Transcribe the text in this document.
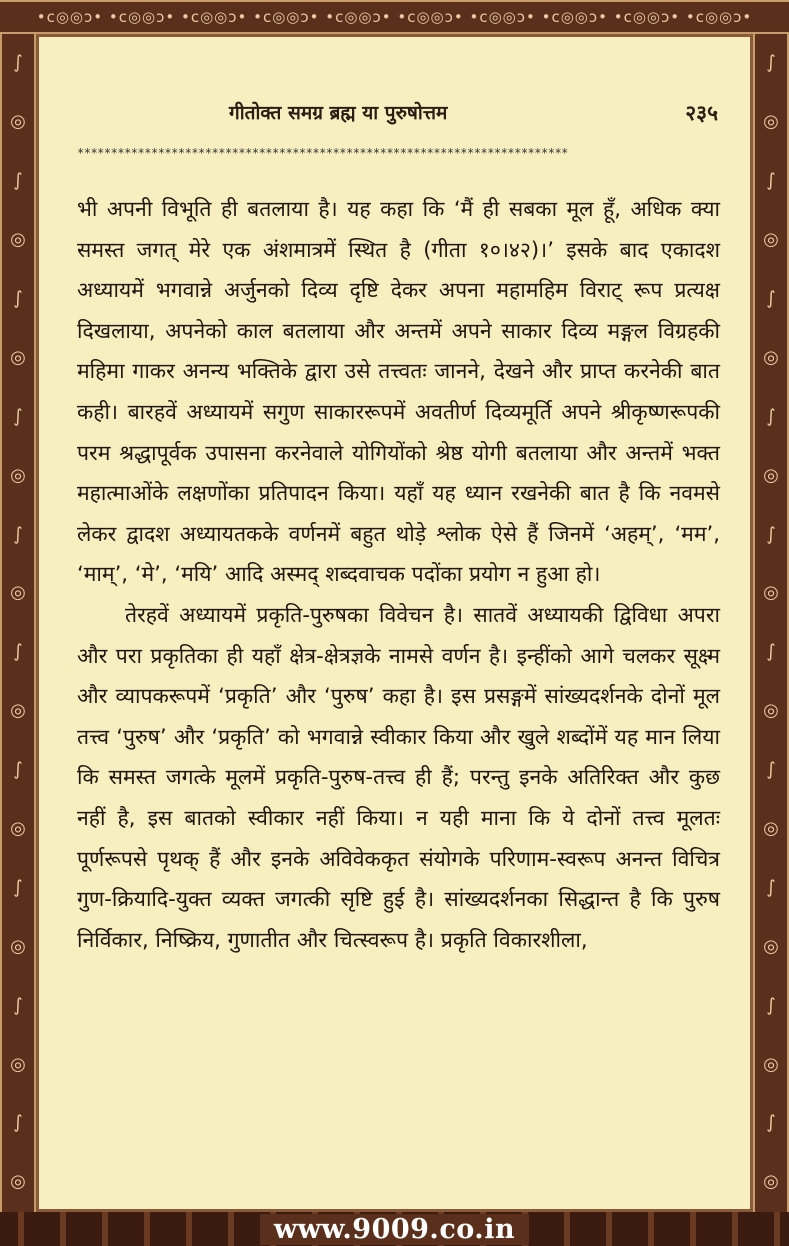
•c◎◎ɔ• •c◎◎ɔ• •c◎◎ɔ• •c◎◎ɔ• •c◎◎ɔ• •c◎◎ɔ• •c◎◎ɔ• •c◎◎ɔ• •c◎◎ɔ• •c◎◎ɔ•
∫
◎
∫
◎
∫
◎
∫
◎
∫
◎
∫
◎
∫
◎
∫
◎
∫
◎
∫
◎
∫
◎
∫
◎
∫
◎
∫
◎
∫
◎
∫
◎
∫
◎
∫
◎
∫
◎
∫
◎
गीतोक्त समग्र ब्रह्म या पुरुषोत्तम	२३५
*************************************************************************

भी अपनी विभूति ही बतलाया है। यह कहा कि ‘मैं ही सबका मूल हूँ, अधिक क्या समस्त जगत् मेरे एक अंशमात्रमें स्थित है (गीता १०।४२)।’ इसके बाद एकादश अध्यायमें भगवान्ने अर्जुनको दिव्य दृष्टि देकर अपना महामहिम विराट् रूप प्रत्यक्ष दिखलाया, अपनेको काल बतलाया और अन्तमें अपने साकार दिव्य मङ्गल विग्रहकी महिमा गाकर अनन्य भक्तिके द्वारा उसे तत्त्वतः जानने, देखने और प्राप्त करनेकी बात कही। बारहवें अध्यायमें सगुण साकाररूपमें अवतीर्ण दिव्यमूर्ति अपने श्रीकृष्णरूपकी परम श्रद्धापूर्वक उपासना करनेवाले योगियोंको श्रेष्ठ योगी बतलाया और अन्तमें भक्त महात्माओंके लक्षणोंका प्रतिपादन किया। यहाँ यह ध्यान रखनेकी बात है कि नवमसे लेकर द्वादश अध्यायतकके वर्णनमें बहुत थोड़े श्लोक ऐसे हैं जिनमें ‘अहम्’, ‘मम’, ‘माम्’, ‘मे’, ‘मयि’ आदि अस्मद् शब्दवाचक पदोंका प्रयोग न हुआ हो।

तेरहवें अध्यायमें प्रकृति-पुरुषका विवेचन है। सातवें अध्यायकी द्विविधा अपरा और परा प्रकृतिका ही यहाँ क्षेत्र-क्षेत्रज्ञके नामसे वर्णन है। इन्हींको आगे चलकर सूक्ष्म और व्यापकरूपमें ‘प्रकृति’ और ‘पुरुष’ कहा है। इस प्रसङ्गमें सांख्यदर्शनके दोनों मूल तत्त्व ‘पुरुष’ और ‘प्रकृति’ को भगवान्ने स्वीकार किया और खुले शब्दोंमें यह मान लिया कि समस्त जगत्के मूलमें प्रकृति-पुरुष-तत्त्व ही हैं; परन्तु इनके अतिरिक्त और कुछ नहीं है, इस बातको स्वीकार नहीं किया। न यही माना कि ये दोनों तत्त्व मूलतः पूर्णरूपसे पृथक् हैं और इनके अविवेककृत संयोगके परिणाम-स्वरूप अनन्त विचित्र गुण-क्रियादि-युक्त व्यक्त जगत्की सृष्टि हुई है। सांख्यदर्शनका सिद्धान्त है कि पुरुष निर्विकार, निष्क्रिय, गुणातीत और चित्स्वरूप है। प्रकृति विकारशीला,

www.9009.co.in
